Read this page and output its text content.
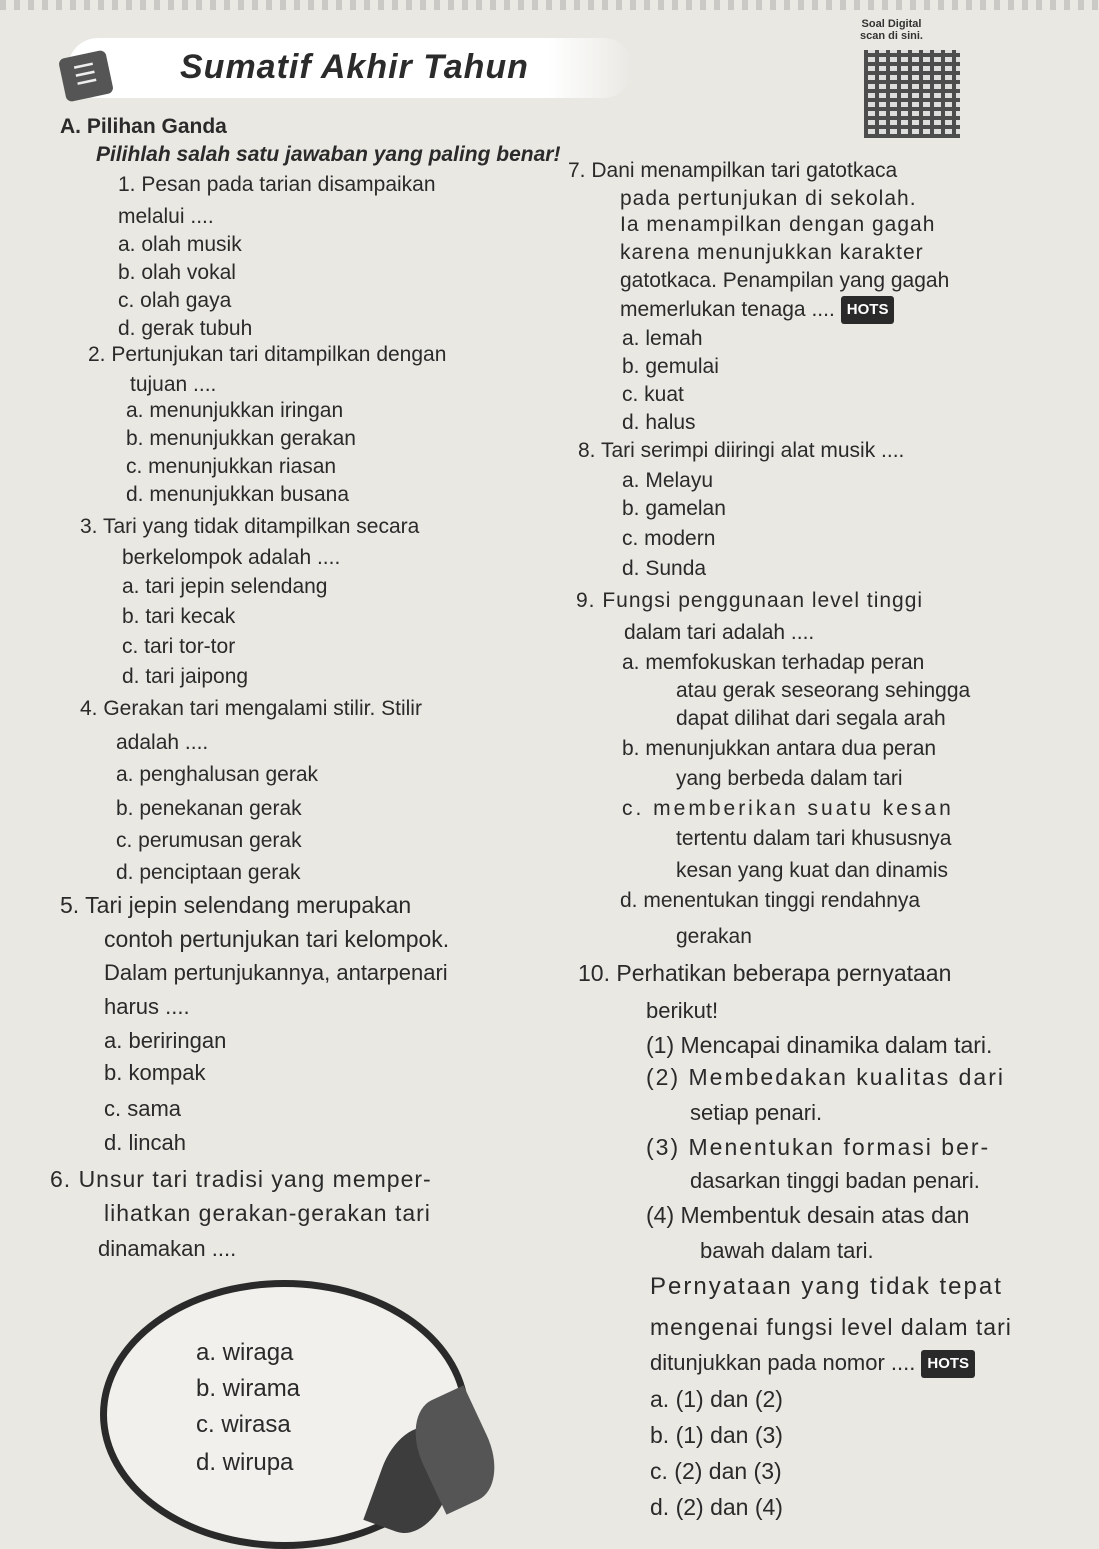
☰ Sumatif Akhir Tahun
Soal Digital
scan di sini.
A. Pilihan Ganda
Pilihlah salah satu jawaban yang paling benar!
1. Pesan pada tarian disampaikan
melalui ....
a. olah musik
b. olah vokal
c. olah gaya
d. gerak tubuh
2. Pertunjukan tari ditampilkan dengan
tujuan ....
a. menunjukkan iringan
b. menunjukkan gerakan
c. menunjukkan riasan
d. menunjukkan busana
3. Tari yang tidak ditampilkan secara
berkelompok adalah ....
a. tari jepin selendang
b. tari kecak
c. tari tor-tor
d. tari jaipong
4. Gerakan tari mengalami stilir. Stilir
adalah ....
a. penghalusan gerak
b. penekanan gerak
c. perumusan gerak
d. penciptaan gerak
5. Tari jepin selendang merupakan
contoh pertunjukan tari kelompok.
Dalam pertunjukannya, antarpenari
harus ....
a. beriringan
b. kompak
c. sama
d. lincah
6. Unsur tari tradisi yang memper-
lihatkan gerakan-gerakan tari
dinamakan ....
7. Dani menampilkan tari gatotkaca
pada pertunjukan di sekolah.
Ia menampilkan dengan gagah
karena menunjukkan karakter
gatotkaca. Penampilan yang gagah
memerlukan tenaga .... HOTS
a. lemah
b. gemulai
c. kuat
d. halus
8. Tari serimpi diiringi alat musik ....
a. Melayu
b. gamelan
c. modern
d. Sunda
9. Fungsi penggunaan level tinggi
dalam tari adalah ....
a. memfokuskan terhadap peran
atau gerak seseorang sehingga
dapat dilihat dari segala arah
b. menunjukkan antara dua peran
yang berbeda dalam tari
c. memberikan suatu kesan
tertentu dalam tari khususnya
kesan yang kuat dan dinamis
d. menentukan tinggi rendahnya
gerakan
10. Perhatikan beberapa pernyataan
berikut!
(1) Mencapai dinamika dalam tari.
(2) Membedakan kualitas dari
setiap penari.
(3) Menentukan formasi ber-
dasarkan tinggi badan penari.
(4) Membentuk desain atas dan
bawah dalam tari.
Pernyataan yang tidak tepat
mengenai fungsi level dalam tari
ditunjukkan pada nomor .... HOTS
a. (1) dan (2)
b. (1) dan (3)
c. (2) dan (3)
d. (2) dan (4)
a. wiraga
b. wirama
c. wirasa
d. wirupa
